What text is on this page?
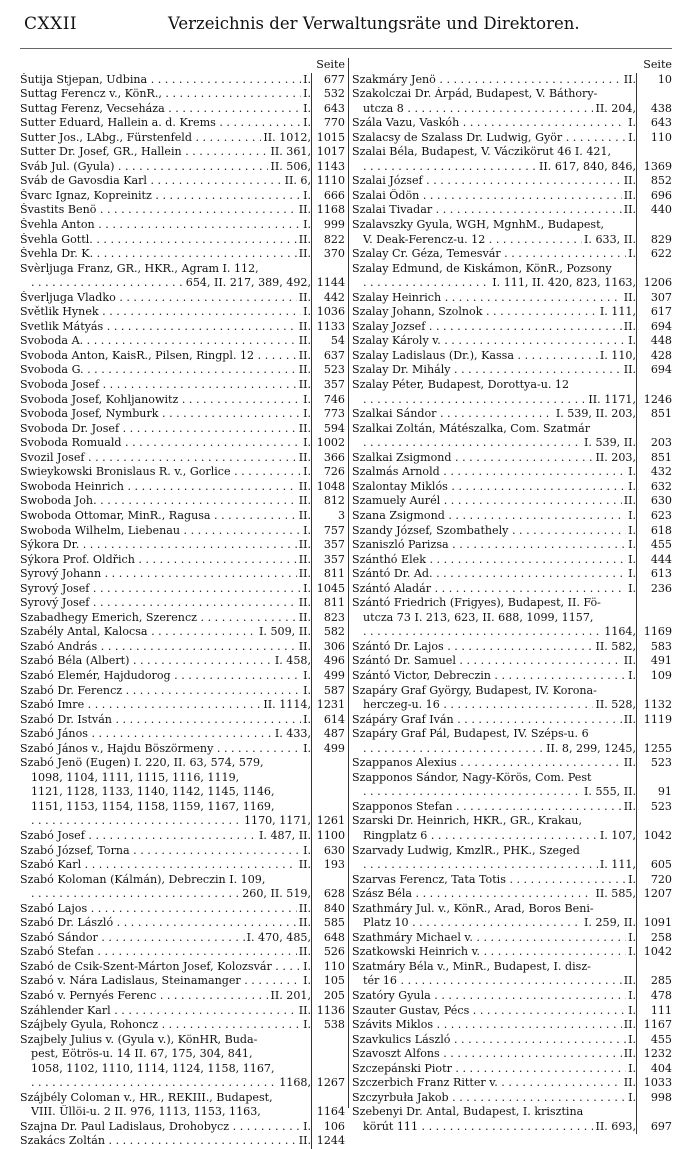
CXXII	Verzeichnis der Verwaltungsräte und Direktoren.
Seite
Šutija Stjepan, Udbina . . .	I.	677
Suttag Ferencz v., KönR., . . .	I.	532
Suttag Ferenz, Vecseháza . . .	I.	643
Sutter Eduard, Hallein a. d. Krems . . .	I.	770
Sutter Jos., LAbg., Fürstenfeld . . .	II. 1012, 1015
Sutter Dr. Josef, GR., Hallein . . .	II. 361, 1017
Sváb Jul. (Gyula) . . .	II. 506, 1143
Sváb de Gavosdia Karl . . .	II. 6, 1110
Švarc Ignaz, Kopreinitz . . .	I.	666
Švastits Benö . . .	II. 1168
Švehla Anton . . .	I.	999
Švehla Gottl. . . .	II.	822
Švehla Dr. K. . . .	II.	370
Svèrljuga Franz, GR., HKR., Agram I. 112,
. . .
654, II. 217, 389, 492, 1144
Šverljuga Vladko . . .	II.	442
Světlik Hynek . . .	I. 1036
Svetlik Mátyás . . .	II. 1133
Svoboda A. . . .	II.	54
Svoboda Anton, KaisR., Pilsen, Ringpl. 12 . . .	II.	637
Svoboda G. . . .	II.	523
Svoboda Josef . . .	II.	357
Svoboda Josef, Kohljanowitz . . .	I.	746
Svoboda Josef, Nymburk . . .	I.	773
Svoboda Dr. Josef . . .	II.	594
Svoboda Romuald . . .	I. 1002
Svozil Josef . . .	II.	366
Swieykowski Bronislaus R. v., Gorlice . . .	I.	726
Swoboda Heinrich . . .	II. 1048
Swoboda Joh. . . .	II.	812
Swoboda Ottomar, MinR., Ragusa . . .	II.	3
Swoboda Wilhelm, Liebenau . . .	I.	757
Sýkora Dr. . . .	II.	357
Sýkora Prof. Oldřich . . .	II.	357
Syrový Johann . . .	II.	811
Syrový Josef . . .	I. 1045
Syrový Josef . . .	II.	811
Szabadhegy Emerich, Szerencz . . .	II.	823
Szabély Antal, Kalocsa . . .	I. 509, II.	582
Szabó András . . .	II.	306
Szabó Béla (Albert) . . .	I. 458,	496
Szabó Elemér, Hajdudorog . . .	I.	499
Szabó Dr. Ferencz . . .	I.	587
Szabó Imre . . .	II. 1114, 1231
Szabó Dr. István . . .	I.	614
Szabó János . . .	I. 433,	487
Szabó János v., Hajdu Böszörmeny . . .	I.	499
Szabó Jenö (Eugen) I. 220, II. 63, 574, 579,
1098, 1104, 1111, 1115, 1116, 1119,
1121, 1128, 1133, 1140, 1142, 1145, 1146,
1151, 1153, 1154, 1158, 1159, 1167, 1169,
. . .
1170, 1171, 1261
Szabó Josef . . .	I. 487, II. 1100
Szabó József, Torna . . .	I.	630
Szabó Karl . . .	II.	193
Szabó Koloman (Kálmán), Debreczin I. 109,
. . .
260, II. 519,	628
Szabó Lajos . . .	II.	840
Szabó Dr. László . . .	II.	585
Szabó Sándor . . .	I. 470, 485,	648
Szabó Stefan . . .	II.	526
Szabó de Csik-Szent-Márton Josef, Kolozsvár . . .	I.	110
Szabó v. Nára Ladislaus, Steinamanger . . .	I.	105
Szabó v. Pernyés Ferenc . . .	II. 201,	205
Száhlender Karl . . .	II. 1136
Szájbely Gyula, Rohoncz . . .	I.	538
Szajbely Julius v. (Gyula v.), KönHR, Buda-
pest, Eötrös-u. 14 II. 67, 175, 304, 841,
1058, 1102, 1110, 1114, 1124, 1158, 1167,
. . .
1168, 1267
Szájbély Coloman v., HR., REKIII., Budapest,
VIII. Üllöi-u. 2 II. 976, 1113, 1153, 1163,	1164
Szajna Dr. Paul Ladislaus, Drohobycz . . .	I.	106
Szakács Zoltán . . .	II. 1244
Seite
Szakmáry Jenö . . .	II.	10
Szakolczai Dr. Árpád, Budapest, V. Báthory-
utcza 8 . . .	II. 204,	438
Szála Vazu, Vaskóh . . .	I.	643
Szalacsy de Szalass Dr. Ludwig, Györ . . .	I.	110
Szalai Béla, Budapest, V. Váczikörut 46 I. 421,
. . .
II. 617, 840, 846, 1369
Szalai József . . .	II.	852
Szalai Ödön . . .	II.	696
Szalai Tivadar . . .	II.	440
Szalavszky Gyula, WGH, MgnhM., Budapest,
V. Deak-Ferencz-u. 12 . . .	I. 633, II.	829
Szalay Cr. Géza, Temesvár . . .	I.	622
Szalay Edmund, de Kiskámon, KönR., Pozsony
. . .
I. 111, II. 420, 823, 1163, 1206
Szalay Heinrich . . .	II.	307
Szalay Johann, Szolnok . . .	I. 111,	617
Szalay Jozsef . . .	II.	694
Szalay Károly v. . . .	I.	448
Szalay Ladislaus (Dr.), Kassa . . .	I. 110,	428
Szalay Dr. Mihály . . .	II.	694
Szalay Péter, Budapest, Dorottya-u. 12
. . .
II. 1171, 1246
Szalkai Sándor . . .	I. 539, II. 203,	851
Szalkai Zoltán, Mátészalka, Com. Szatmár
. . .
I. 539, II.	203
Szalkai Zsigmond . . .	II. 203,	851
Szalmás Arnold . . .	I.	432
Szalontay Miklós . . .	I.	632
Szamuely Aurél . . .	II.	630
Szana Zsigmond . . .	I.	623
Szandy József, Szombathely . . .	I.	618
Szaniszló Parizsa . . .	I.	455
Szánthó Elek . . .	I.	444
Szántó Dr. Ad. . . .	I.	613
Szántó Aladár . . .	I.	236
Szántó Friedrich (Frigyes), Budapest, II. Fö-
utcza 73 I. 213, 623, II. 688, 1099, 1157,
. . .
1164, 1169
Szántó Dr. Lajos . . .	II. 582,	583
Szántó Dr. Samuel . . .	II.	491
Szántó Victor, Debreczin . . .	I.	109
Szapáry Graf György, Budapest, IV. Korona-
herczeg-u. 16 . . .	II. 528, 1132
Szápáry Graf Iván . . .	II. 1119
Szapáry Graf Pál, Budapest, IV. Széps-u. 6
. . .
II. 8, 299, 1245, 1255
Szappanos Alexius . . .	II.	523
Szapponos Sándor, Nagy-Körös, Com. Pest
. . .
I. 555, II.	91
Szapponos Stefan . . .	II.	523
Szarski Dr. Heinrich, HKR., GR., Krakau,
Ringplatz 6 . . .	I. 107, 1042
Szarvady Ludwig, KmzlR., PHK., Szeged
. . .
I. 111,	605
Szarvas Ferencz, Tata Totis . . .	I.	720
Szász Béla . . .	II. 585, 1207
Szathmáry Jul. v., KönR., Arad, Boros Beni-
Platz 10 . . .	I. 259, II. 1091
Szathmáry Michael v. . . .	I.	258
Szatkowski Heinrich v. . . .	I. 1042
Szatmáry Béla v., MinR., Budapest, I. disz-
tér 16 . . .	II.	285
Szatóry Gyula . . .	I.	478
Szauter Gustav, Pécs . . .	I.	111
Szávits Miklos . . .	II. 1167
Szavkulics László . . .	I.	455
Szavoszt Alfons . . .	II. 1232
Szczepánski Piotr . . .	I.	404
Szczerbich Franz Ritter v. . . .	II. 1033
Szczyrbuła Jakob . . .	I.	998
Szebenyi Dr. Antal, Budapest, I. krisztina
körút 111 . . .	II. 693,	697
